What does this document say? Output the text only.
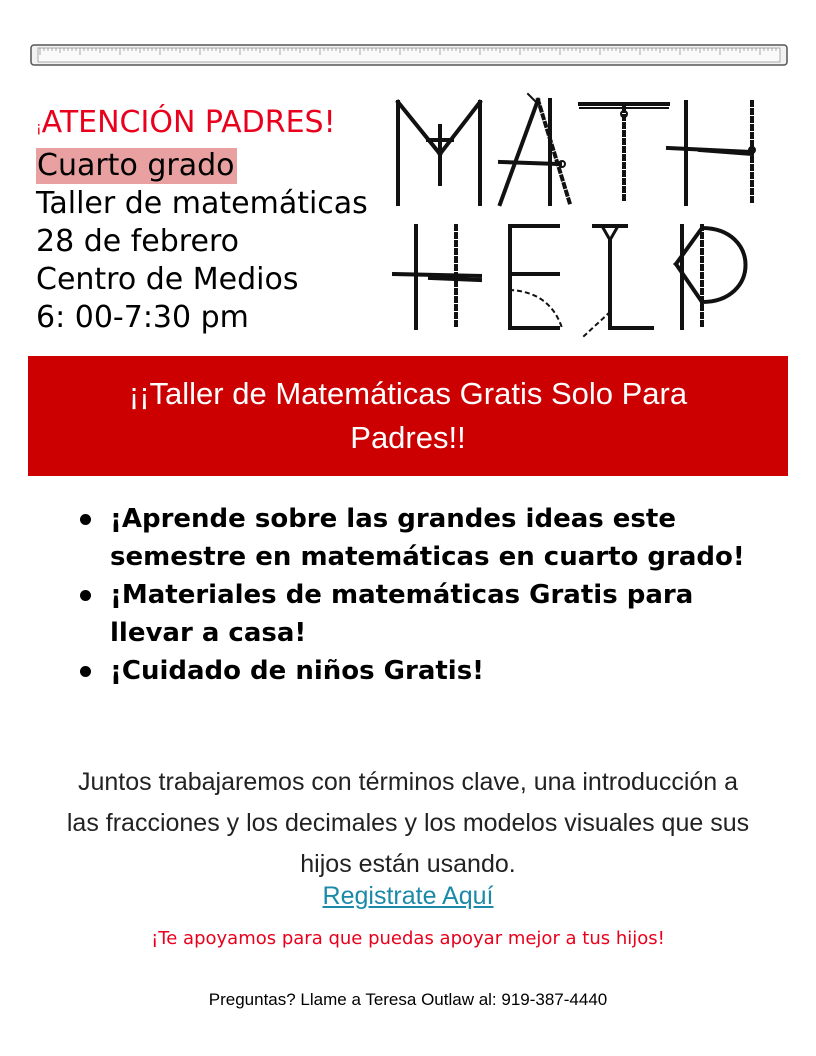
¡ATENCIÓN PADRES!
Cuarto grado
Taller de matemáticas
28 de febrero
Centro de Medios
6: 00-7:30 pm
¡¡Taller de Matemáticas Gratis Solo Para Padres!!
¡Aprende sobre las grandes ideas este semestre en matemáticas en cuarto grado!
¡Materiales de matemáticas Gratis para llevar a casa!
¡Cuidado de niños Gratis!
Juntos trabajaremos con términos clave, una introducción a las fracciones y los decimales y los modelos visuales que sus hijos están usando.
Registrate Aquí
¡Te apoyamos para que puedas apoyar mejor a tus hijos!
Preguntas? Llame a Teresa Outlaw al: 919-387-4440
